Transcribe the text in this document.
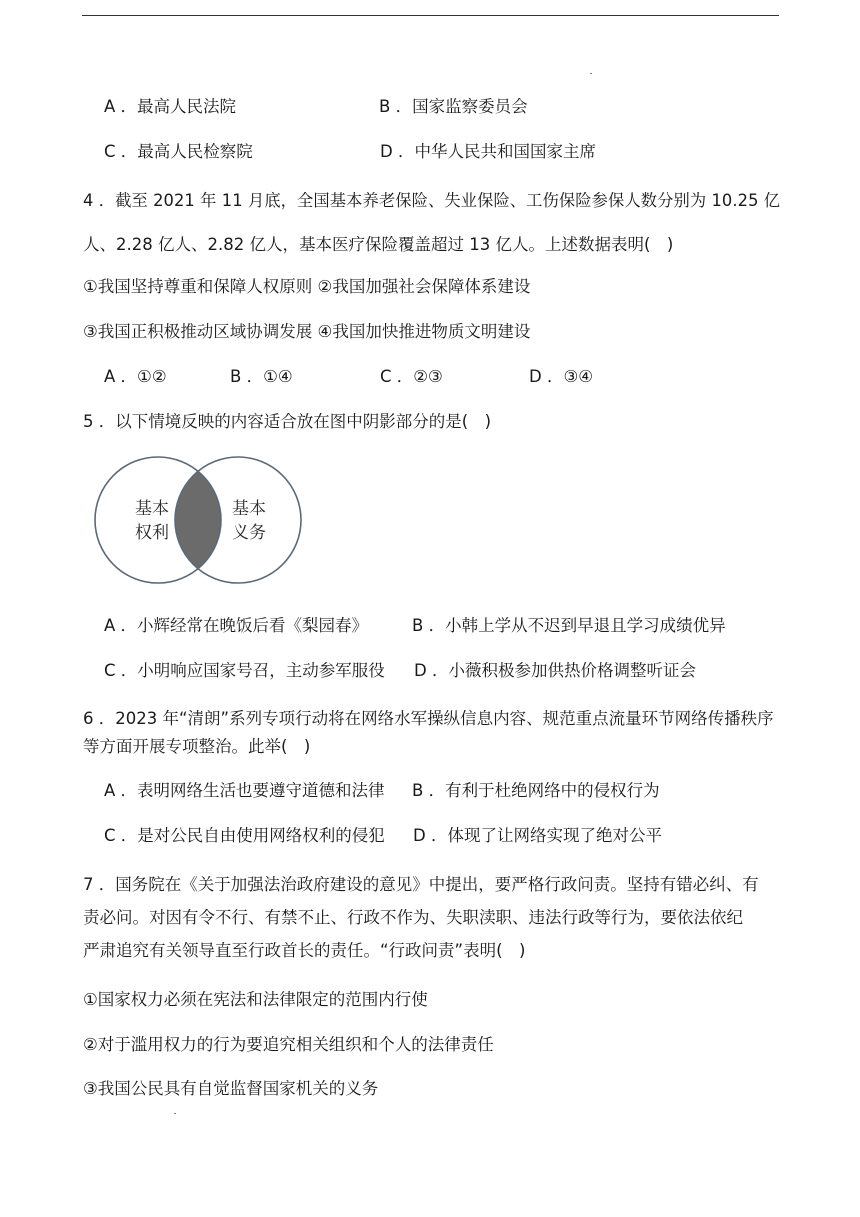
A ．最高人民法院	B ．国家监察委员会
C ．最高人民检察院	D ．中华人民共和国国家主席
4 ．截至 2021 年 11 月底，全国基本养老保险、失业保险、工伤保险参保人数分别为 10.25 亿
人、2.28 亿人、2.82 亿人，基本医疗保险覆盖超过 13 亿人。上述数据表明(　)
①我国坚持尊重和保障人权原则 ②我国加强社会保障体系建设
③我国正积极推动区域协调发展 ④我国加快推进物质文明建设
A ．①②	B ．①④	C ．②③	D ．③④
5 ．以下情境反映的内容适合放在图中阴影部分的是(　)
基本
权利
基本
义务
A ．小辉经常在晚饭后看《梨园春》	B ．小韩上学从不迟到早退且学习成绩优异
C ．小明响应国家号召，主动参军服役 D ．小薇积极参加供热价格调整听证会
6 ．2023 年“清朗”系列专项行动将在网络水军操纵信息内容、规范重点流量环节网络传播秩序
等方面开展专项整治。此举(　)
A ．表明网络生活也要遵守道德和法律 B ．有利于杜绝网络中的侵权行为
C ．是对公民自由使用网络权利的侵犯 D ．体现了让网络实现了绝对公平
7 ．国务院在《关于加强法治政府建设的意见》中提出，要严格行政问责。坚持有错必纠、有
责必问。对因有令不行、有禁不止、行政不作为、失职渎职、违法行政等行为，要依法依纪
严肃追究有关领导直至行政首长的责任。“行政问责”表明(　)
①国家权力必须在宪法和法律限定的范围内行使
②对于滥用权力的行为要追究相关组织和个人的法律责任
③我国公民具有自觉监督国家机关的义务
